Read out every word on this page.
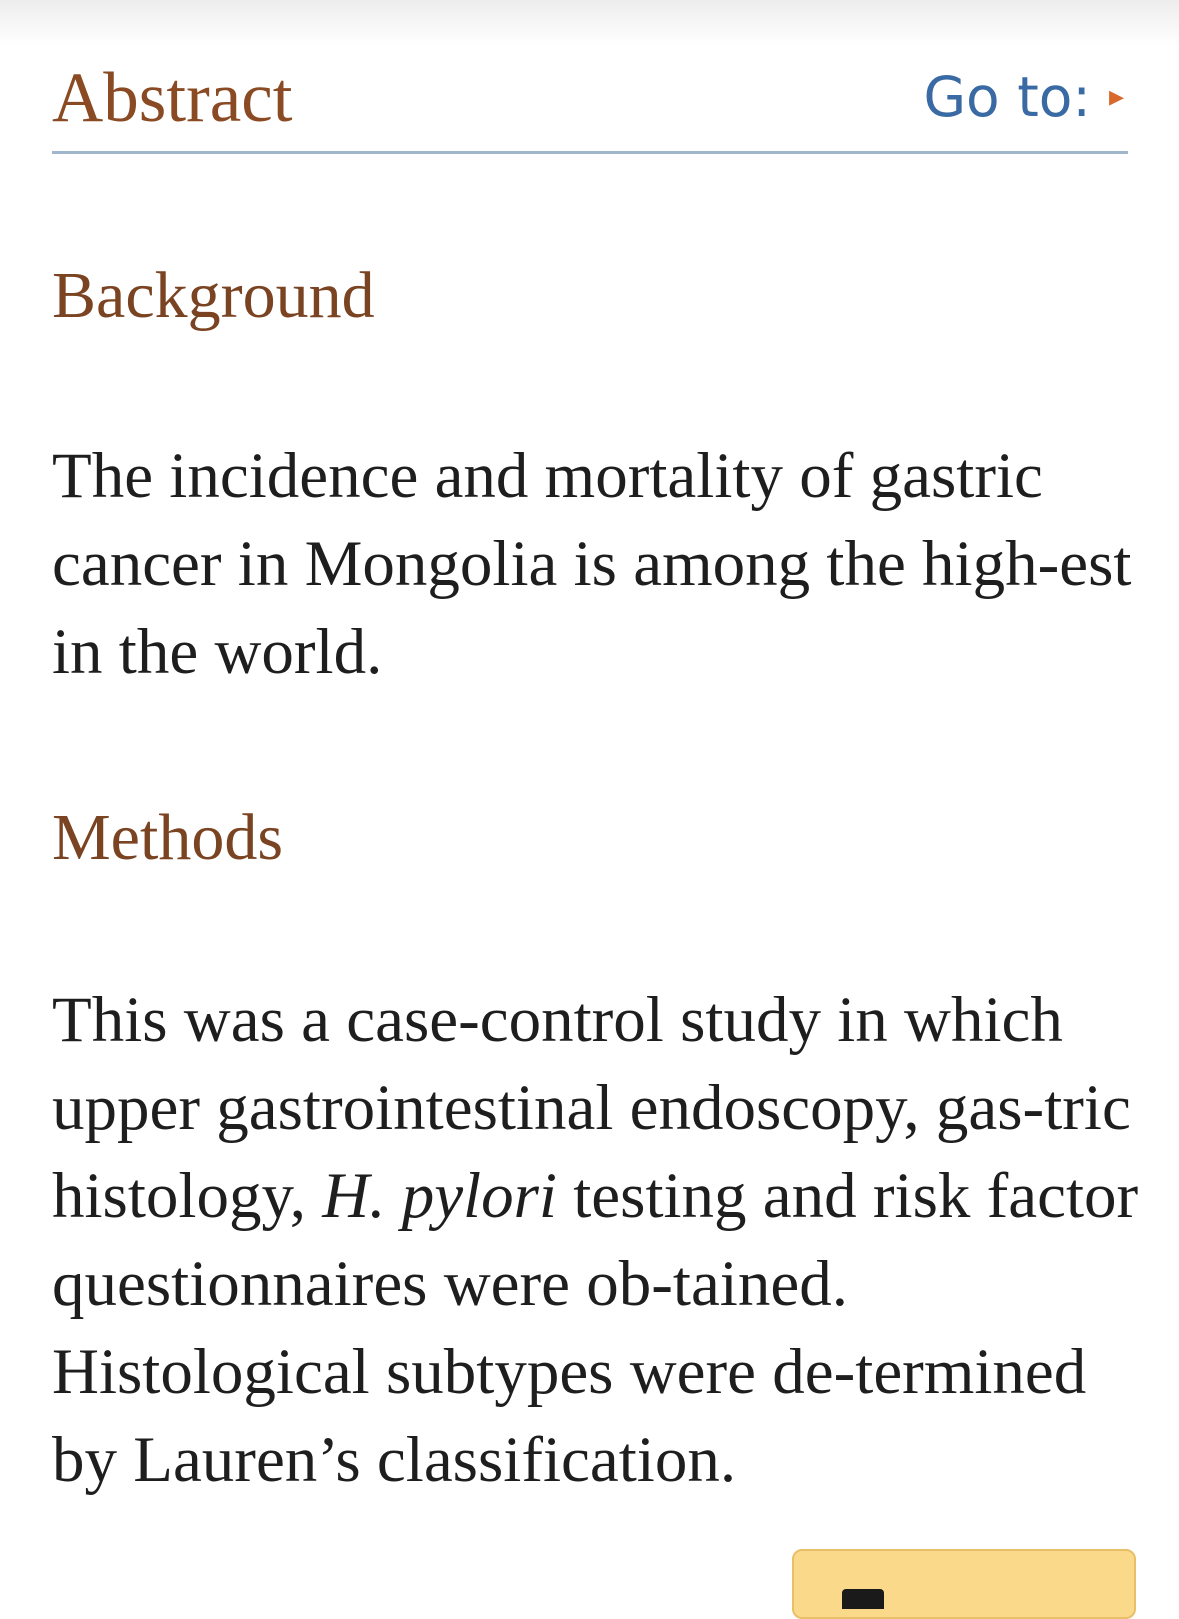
Abstract	Go to: ▸
Background

The incidence and mortality of gastric cancer in Mongolia is among the high-est in the world.

Methods

This was a case-control study in which upper gastrointestinal endoscopy, gas-tric histology, H. pylori testing and risk factor questionnaires were ob-tained. Histological subtypes were de-termined by Lauren’s classification.
